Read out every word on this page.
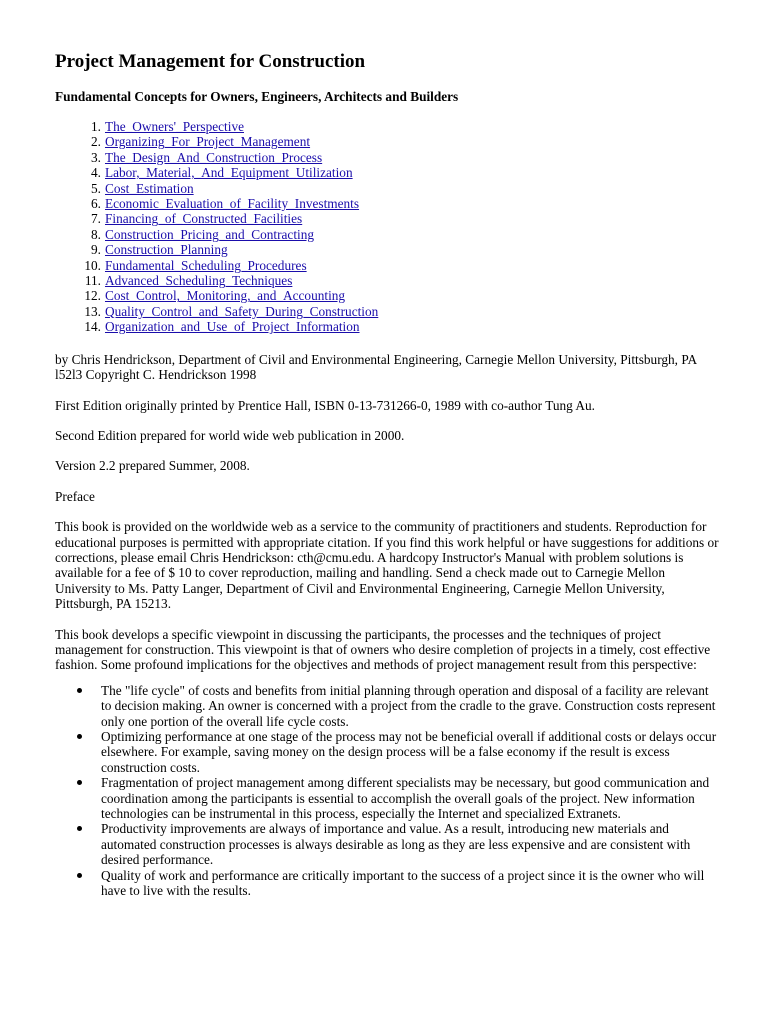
Project Management for Construction
Fundamental Concepts for Owners, Engineers, Architects and Builders
1. The_Owners'_Perspective
2. Organizing_For_Project_Management
3. The_Design_And_Construction_Process
4. Labor,_Material,_And_Equipment_Utilization
5. Cost_Estimation
6. Economic_Evaluation_of_Facility_Investments
7. Financing_of_Constructed_Facilities
8. Construction_Pricing_and_Contracting
9. Construction_Planning
10. Fundamental_Scheduling_Procedures
11. Advanced_Scheduling_Techniques
12. Cost_Control,_Monitoring,_and_Accounting
13. Quality_Control_and_Safety_During_Construction
14. Organization_and_Use_of_Project_Information

by Chris Hendrickson, Department of Civil and Environmental Engineering, Carnegie Mellon University, Pittsburgh, PA l52l3 Copyright C. Hendrickson 1998

First Edition originally printed by Prentice Hall, ISBN 0-13-731266-0, 1989 with co-author Tung Au.

Second Edition prepared for world wide web publication in 2000.

Version 2.2 prepared Summer, 2008.

Preface

This book is provided on the worldwide web as a service to the community of practitioners and students. Reproduction for educational purposes is permitted with appropriate citation. If you find this work helpful or have suggestions for additions or corrections, please email Chris Hendrickson: cth@cmu.edu. A hardcopy Instructor's Manual with problem solutions is available for a fee of $ 10 to cover reproduction, mailing and handling. Send a check made out to Carnegie Mellon University to Ms. Patty Langer, Department of Civil and Environmental Engineering, Carnegie Mellon University, Pittsburgh, PA 15213.

This book develops a specific viewpoint in discussing the participants, the processes and the techniques of project management for construction. This viewpoint is that of owners who desire completion of projects in a timely, cost effective fashion. Some profound implications for the objectives and methods of project management result from this perspective:

The "life cycle" of costs and benefits from initial planning through operation and disposal of a facility are relevant to decision making. An owner is concerned with a project from the cradle to the grave. Construction costs represent only one portion of the overall life cycle costs.
Optimizing performance at one stage of the process may not be beneficial overall if additional costs or delays occur elsewhere. For example, saving money on the design process will be a false economy if the result is excess construction costs.
Fragmentation of project management among different specialists may be necessary, but good communication and coordination among the participants is essential to accomplish the overall goals of the project. New information technologies can be instrumental in this process, especially the Internet and specialized Extranets.
Productivity improvements are always of importance and value. As a result, introducing new materials and automated construction processes is always desirable as long as they are less expensive and are consistent with desired performance.
Quality of work and performance are critically important to the success of a project since it is the owner who will have to live with the results.
